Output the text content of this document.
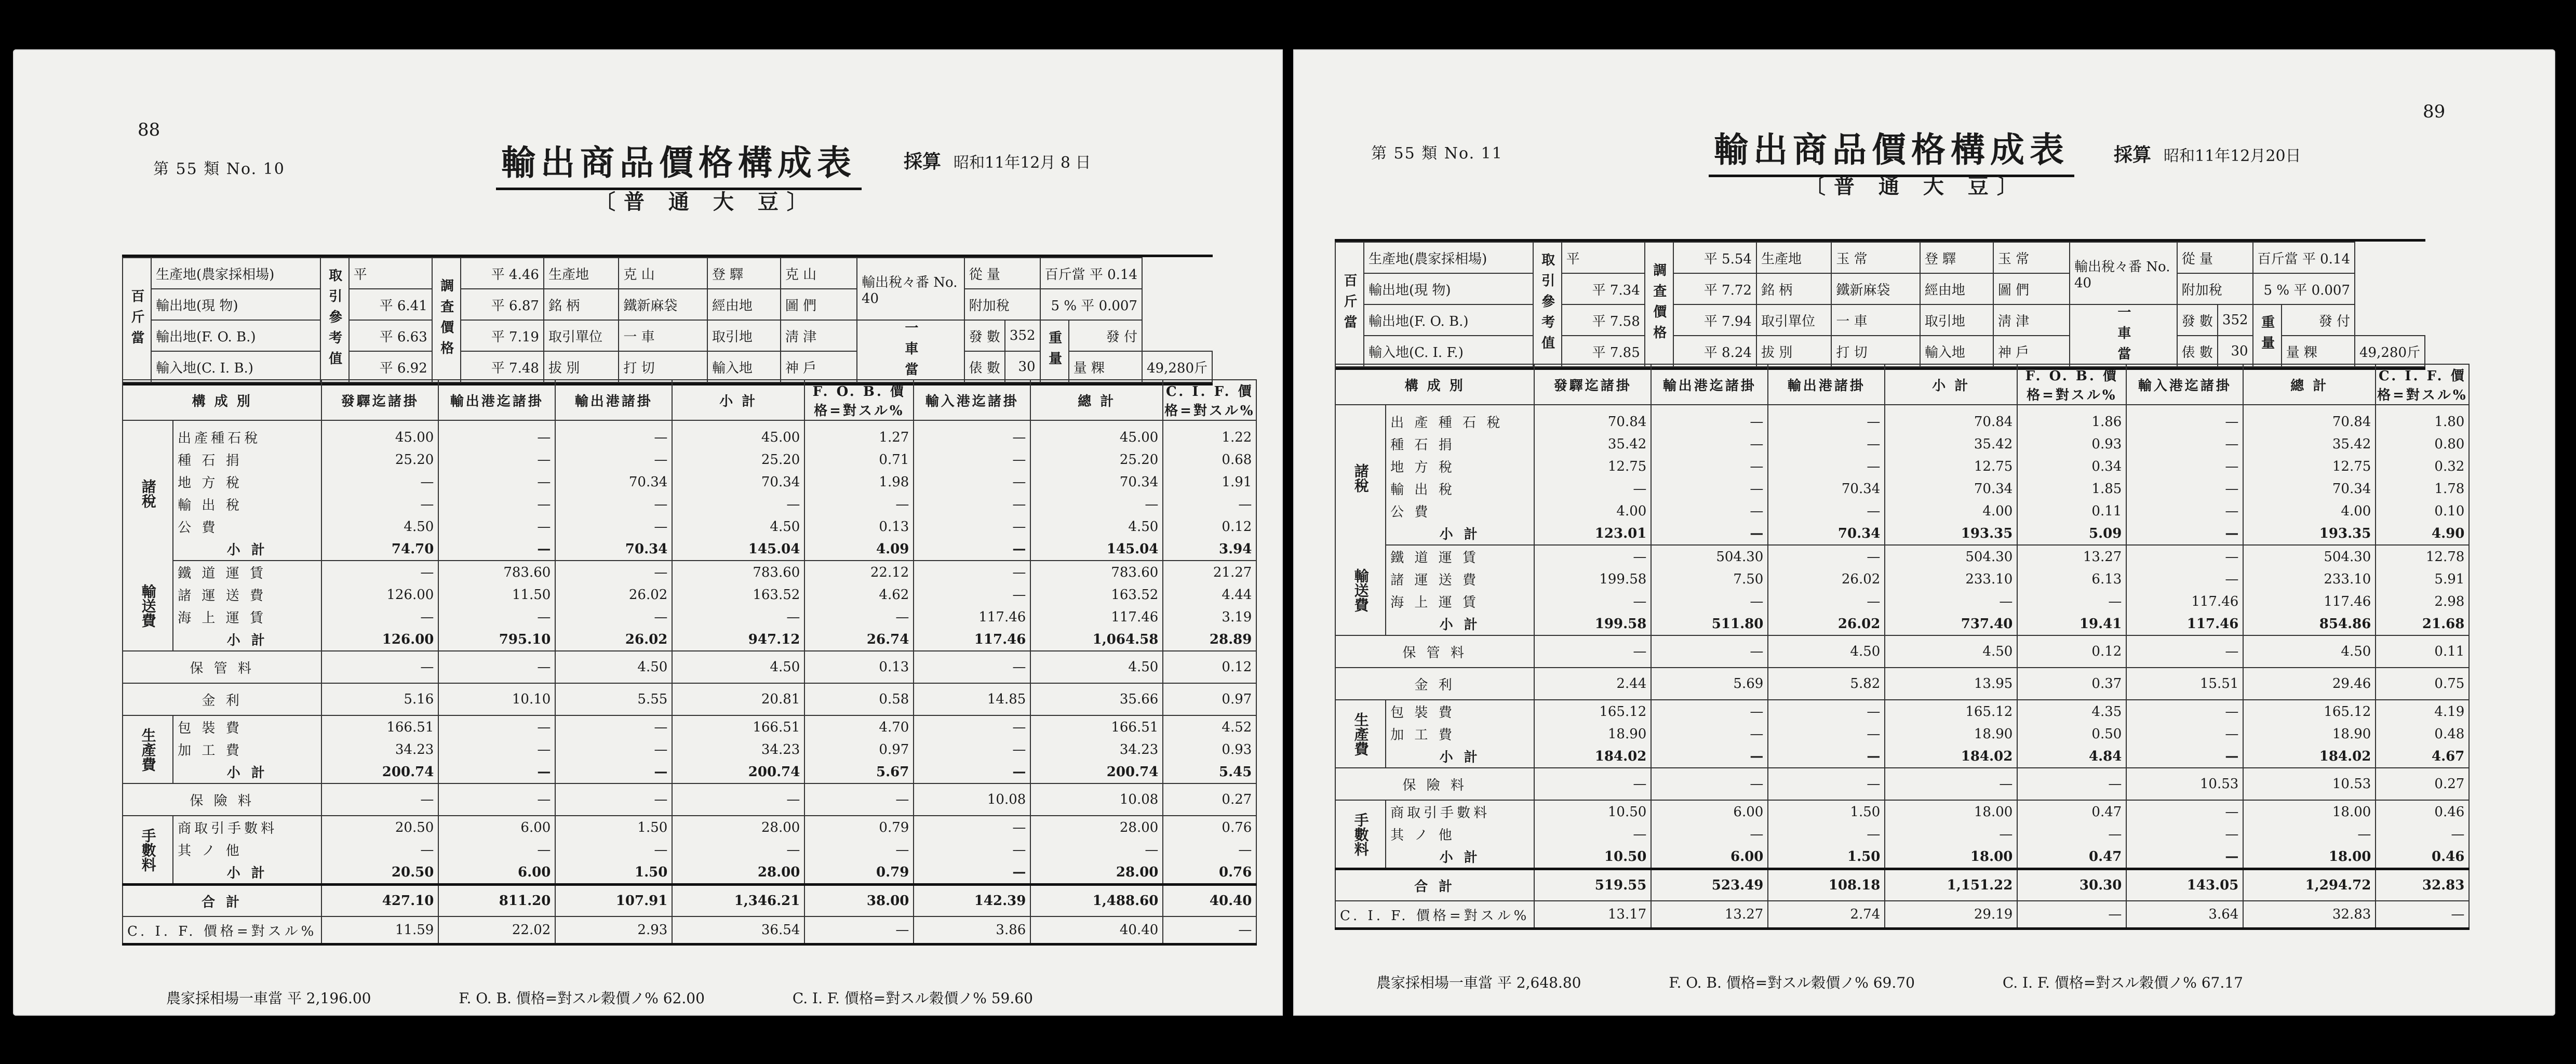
88
第 55 類 No. 10	輸出商品價格構成表
〔普 通 大 豆〕
採算 昭和11年12月 8 日
百斤當	生產地(農家採相場)	取引參考值	平	調査價格	平 4.46	生產地	克 山	登 驛	克 山	輸出稅々番 No. 40	從 量		百斤當 平 0.14		
	輸出地(現 物)		平 6.41		平 6.87	銘 柄	鐵新麻袋	經由地	圖 們		附加稅		5 % 平 0.007		
	輸出地(F. O. B.)		平 6.63		平 7.19	取引單位	一 車	取引地	淸 津	一車當	發 數	352	重量	發 付	
	輸入地(C. I. B.)		平 6.92		平 7.48	拔 別	打 切	輸入地	神 戶		俵 數	30		量 粿	49,280斤
構 成 別		發驛迄諸掛	輸出港迄諸掛	輸出港諸掛	小 計	F. O. B. 價格=對スル%	輸入港迄諸掛	總 計	C. I. F. 價格=對スル%
諸稅	出產種石稅	45.00	—	—	45.00	1.27	—	45.00	1.22
	種 石 捐	25.20	—	—	25.20	0.71	—	25.20	0.68
	地 方 稅	—	—	70.34	70.34	1.98	—	70.34	1.91
	輸 出 稅	—	—	—	—	—	—	—	—
	公 費	4.50	—	—	4.50	0.13	—	4.50	0.12
	小 計	74.70	—	70.34	145.04	4.09	—	145.04	3.94
輸送費	鐵 道 運 賃	—	783.60	—	783.60	22.12	—	783.60	21.27
	諸 運 送 費	126.00	11.50	26.02	163.52	4.62	—	163.52	4.44
	海 上 運 賃	—	—	—	—	—	117.46	117.46	3.19
	小 計	126.00	795.10	26.02	947.12	26.74	117.46	1,064.58	28.89
保 管 料		—	—	4.50	4.50	0.13	—	4.50	0.12
金 利		5.16	10.10	5.55	20.81	0.58	14.85	35.66	0.97
生產費	包 裝 費	166.51	—	—	166.51	4.70	—	166.51	4.52
	加 工 費	34.23	—	—	34.23	0.97	—	34.23	0.93
	小 計	200.74	—	—	200.74	5.67	—	200.74	5.45
保 險 料		—	—	—	—	—	10.08	10.08	0.27
手數料	商取引手數料	20.50	6.00	1.50	28.00	0.79	—	28.00	0.76
	其 ノ 他	—	—	—	—	—	—	—	—
	小 計	20.50	6.00	1.50	28.00	0.79	—	28.00	0.76
合 計		427.10	811.20	107.91	1,346.21	38.00	142.39	1,488.60	40.40
C. I. F. 價格=對スル%		11.59	22.02	2.93	36.54	—	3.86	40.40	—
農家採相場一車當 平 2,196.00	F. O. B. 價格=對スル穀價ノ% 62.00	C. I. F. 價格=對スル穀價ノ% 59.60
89
第 55 類 No. 11	輸出商品價格構成表
〔普 通 大 豆〕
採算 昭和11年12月20日
百斤當	生產地(農家採相場)	取引參考值	平	調査價格	平 5.54	生產地	玉 常	登 驛	玉 常	輸出稅々番 No. 40	從 量		百斤當 平 0.14		
	輸出地(現 物)		平 7.34		平 7.72	銘 柄	鐵新麻袋	經由地	圖 們		附加稅		5 % 平 0.007		
	輸出地(F. O. B.)		平 7.58		平 7.94	取引單位	一 車	取引地	淸 津	一車當	發 數	352	重量	發 付	
	輸入地(C. I. F.)		平 7.85		平 8.24	拔 別	打 切	輸入地	神 戶		俵 數	30		量 粿	49,280斤
構 成 別		發驛迄諸掛	輸出港迄諸掛	輸出港諸掛	小 計	F. O. B. 價格=對スル%	輸入港迄諸掛	總 計	C. I. F. 價格=對スル%
諸稅	出 產 種 石 稅	70.84	—	—	70.84	1.86	—	70.84	1.80
	種 石 捐	35.42	—	—	35.42	0.93	—	35.42	0.80
	地 方 稅	12.75	—	—	12.75	0.34	—	12.75	0.32
	輸 出 稅	—	—	70.34	70.34	1.85	—	70.34	1.78
	公 費	4.00	—	—	4.00	0.11	—	4.00	0.10
	小 計	123.01	—	70.34	193.35	5.09	—	193.35	4.90
輸送費	鐵 道 運 賃	—	504.30	—	504.30	13.27	—	504.30	12.78
	諸 運 送 費	199.58	7.50	26.02	233.10	6.13	—	233.10	5.91
	海 上 運 賃	—	—	—	—	—	117.46	117.46	2.98
	小 計	199.58	511.80	26.02	737.40	19.41	117.46	854.86	21.68
保 管 料		—	—	4.50	4.50	0.12	—	4.50	0.11
金 利		2.44	5.69	5.82	13.95	0.37	15.51	29.46	0.75
生產費	包 裝 費	165.12	—	—	165.12	4.35	—	165.12	4.19
	加 工 費	18.90	—	—	18.90	0.50	—	18.90	0.48
	小 計	184.02	—	—	184.02	4.84	—	184.02	4.67
保 險 料		—	—	—	—	—	10.53	10.53	0.27
手數料	商取引手數料	10.50	6.00	1.50	18.00	0.47	—	18.00	0.46
	其 ノ 他	—	—	—	—	—	—	—	—
	小 計	10.50	6.00	1.50	18.00	0.47	—	18.00	0.46
合 計		519.55	523.49	108.18	1,151.22	30.30	143.05	1,294.72	32.83
C. I. F. 價格=對スル%		13.17	13.27	2.74	29.19	—	3.64	32.83	—
農家採相場一車當 平 2,648.80	F. O. B. 價格=對スル穀價ノ% 69.70	C. I. F. 價格=對スル穀價ノ% 67.17
